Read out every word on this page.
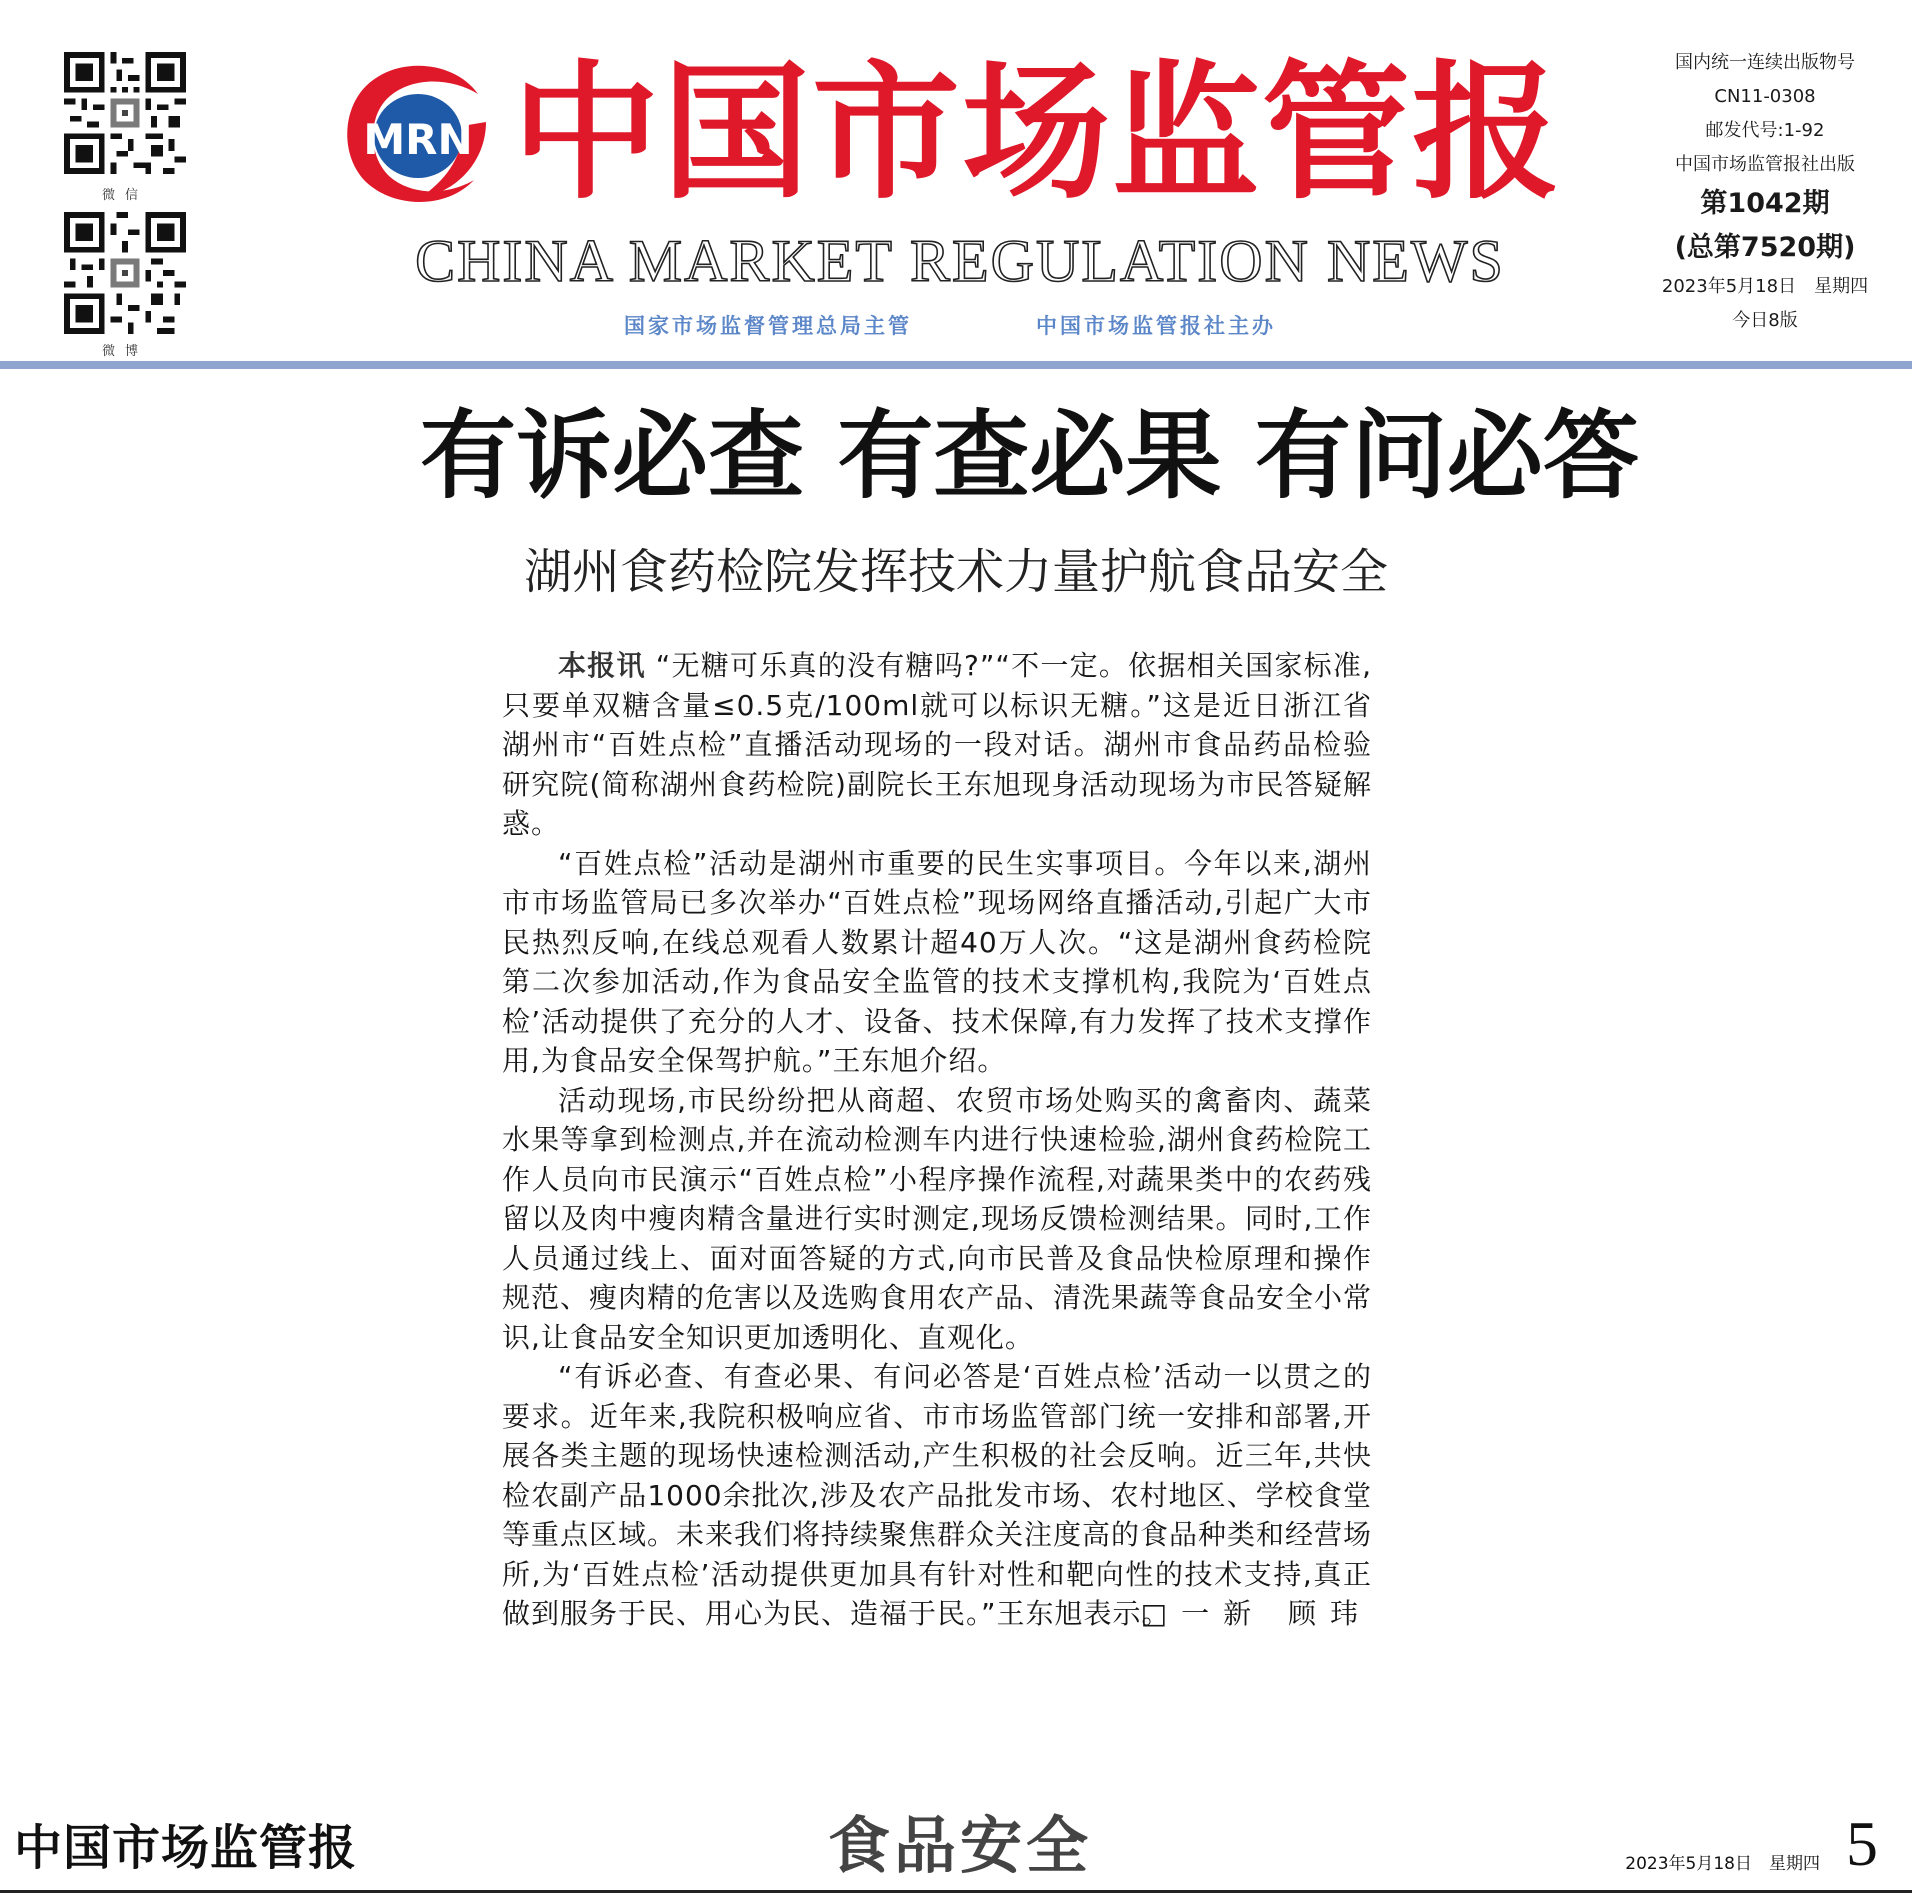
微信
微博
MRN 中国市场监管报
CHINA MARKET REGULATION NEWS
国家市场监督管理总局主管	中国市场监管报社主办
国内统一连续出版物号
CN11-0308
邮发代号:1-92
中国市场监管报社出版
第1042期
(总第7520期)
2023年5月18日　星期四
今日8版
有诉必查 有查必果 有问必答
湖州食药检院发挥技术力量护航食品安全

本报讯 “无糖可乐真的没有糖吗?”“不一定。依据相关国家标准,只要单双糖含量≤0.5克/100ml就可以标识无糖。”这是近日浙江省湖州市“百姓点检”直播活动现场的一段对话。湖州市食品药品检验研究院(简称湖州食药检院)副院长王东旭现身活动现场为市民答疑解惑。

“百姓点检”活动是湖州市重要的民生实事项目。今年以来,湖州市市场监管局已多次举办“百姓点检”现场网络直播活动,引起广大市民热烈反响,在线总观看人数累计超40万人次。“这是湖州食药检院第二次参加活动,作为食品安全监管的技术支撑机构,我院为‘百姓点检’活动提供了充分的人才、设备、技术保障,有力发挥了技术支撑作用,为食品安全保驾护航。”王东旭介绍。

活动现场,市民纷纷把从商超、农贸市场处购买的禽畜肉、蔬菜水果等拿到检测点,并在流动检测车内进行快速检验,湖州食药检院工作人员向市民演示“百姓点检”小程序操作流程,对蔬果类中的农药残留以及肉中瘦肉精含量进行实时测定,现场反馈检测结果。同时,工作人员通过线上、面对面答疑的方式,向市民普及食品快检原理和操作规范、瘦肉精的危害以及选购食用农产品、清洗果蔬等食品安全小常识,让食品安全知识更加透明化、直观化。

“有诉必查、有查必果、有问必答是‘百姓点检’活动一以贯之的要求。近年来,我院积极响应省、市市场监管部门统一安排和部署,开展各类主题的现场快速检测活动,产生积极的社会反响。近三年,共快检农副产品1000余批次,涉及农产品批发市场、农村地区、学校食堂等重点区域。未来我们将持续聚焦群众关注度高的食品种类和经营场所,为‘百姓点检’活动提供更加具有针对性和靶向性的技术支持,真正做到服务于民、用心为民、造福于民。”王东旭表示。

□一新 顾玮
中国市场监管报	食品安全	2023年5月18日　星期四 5
